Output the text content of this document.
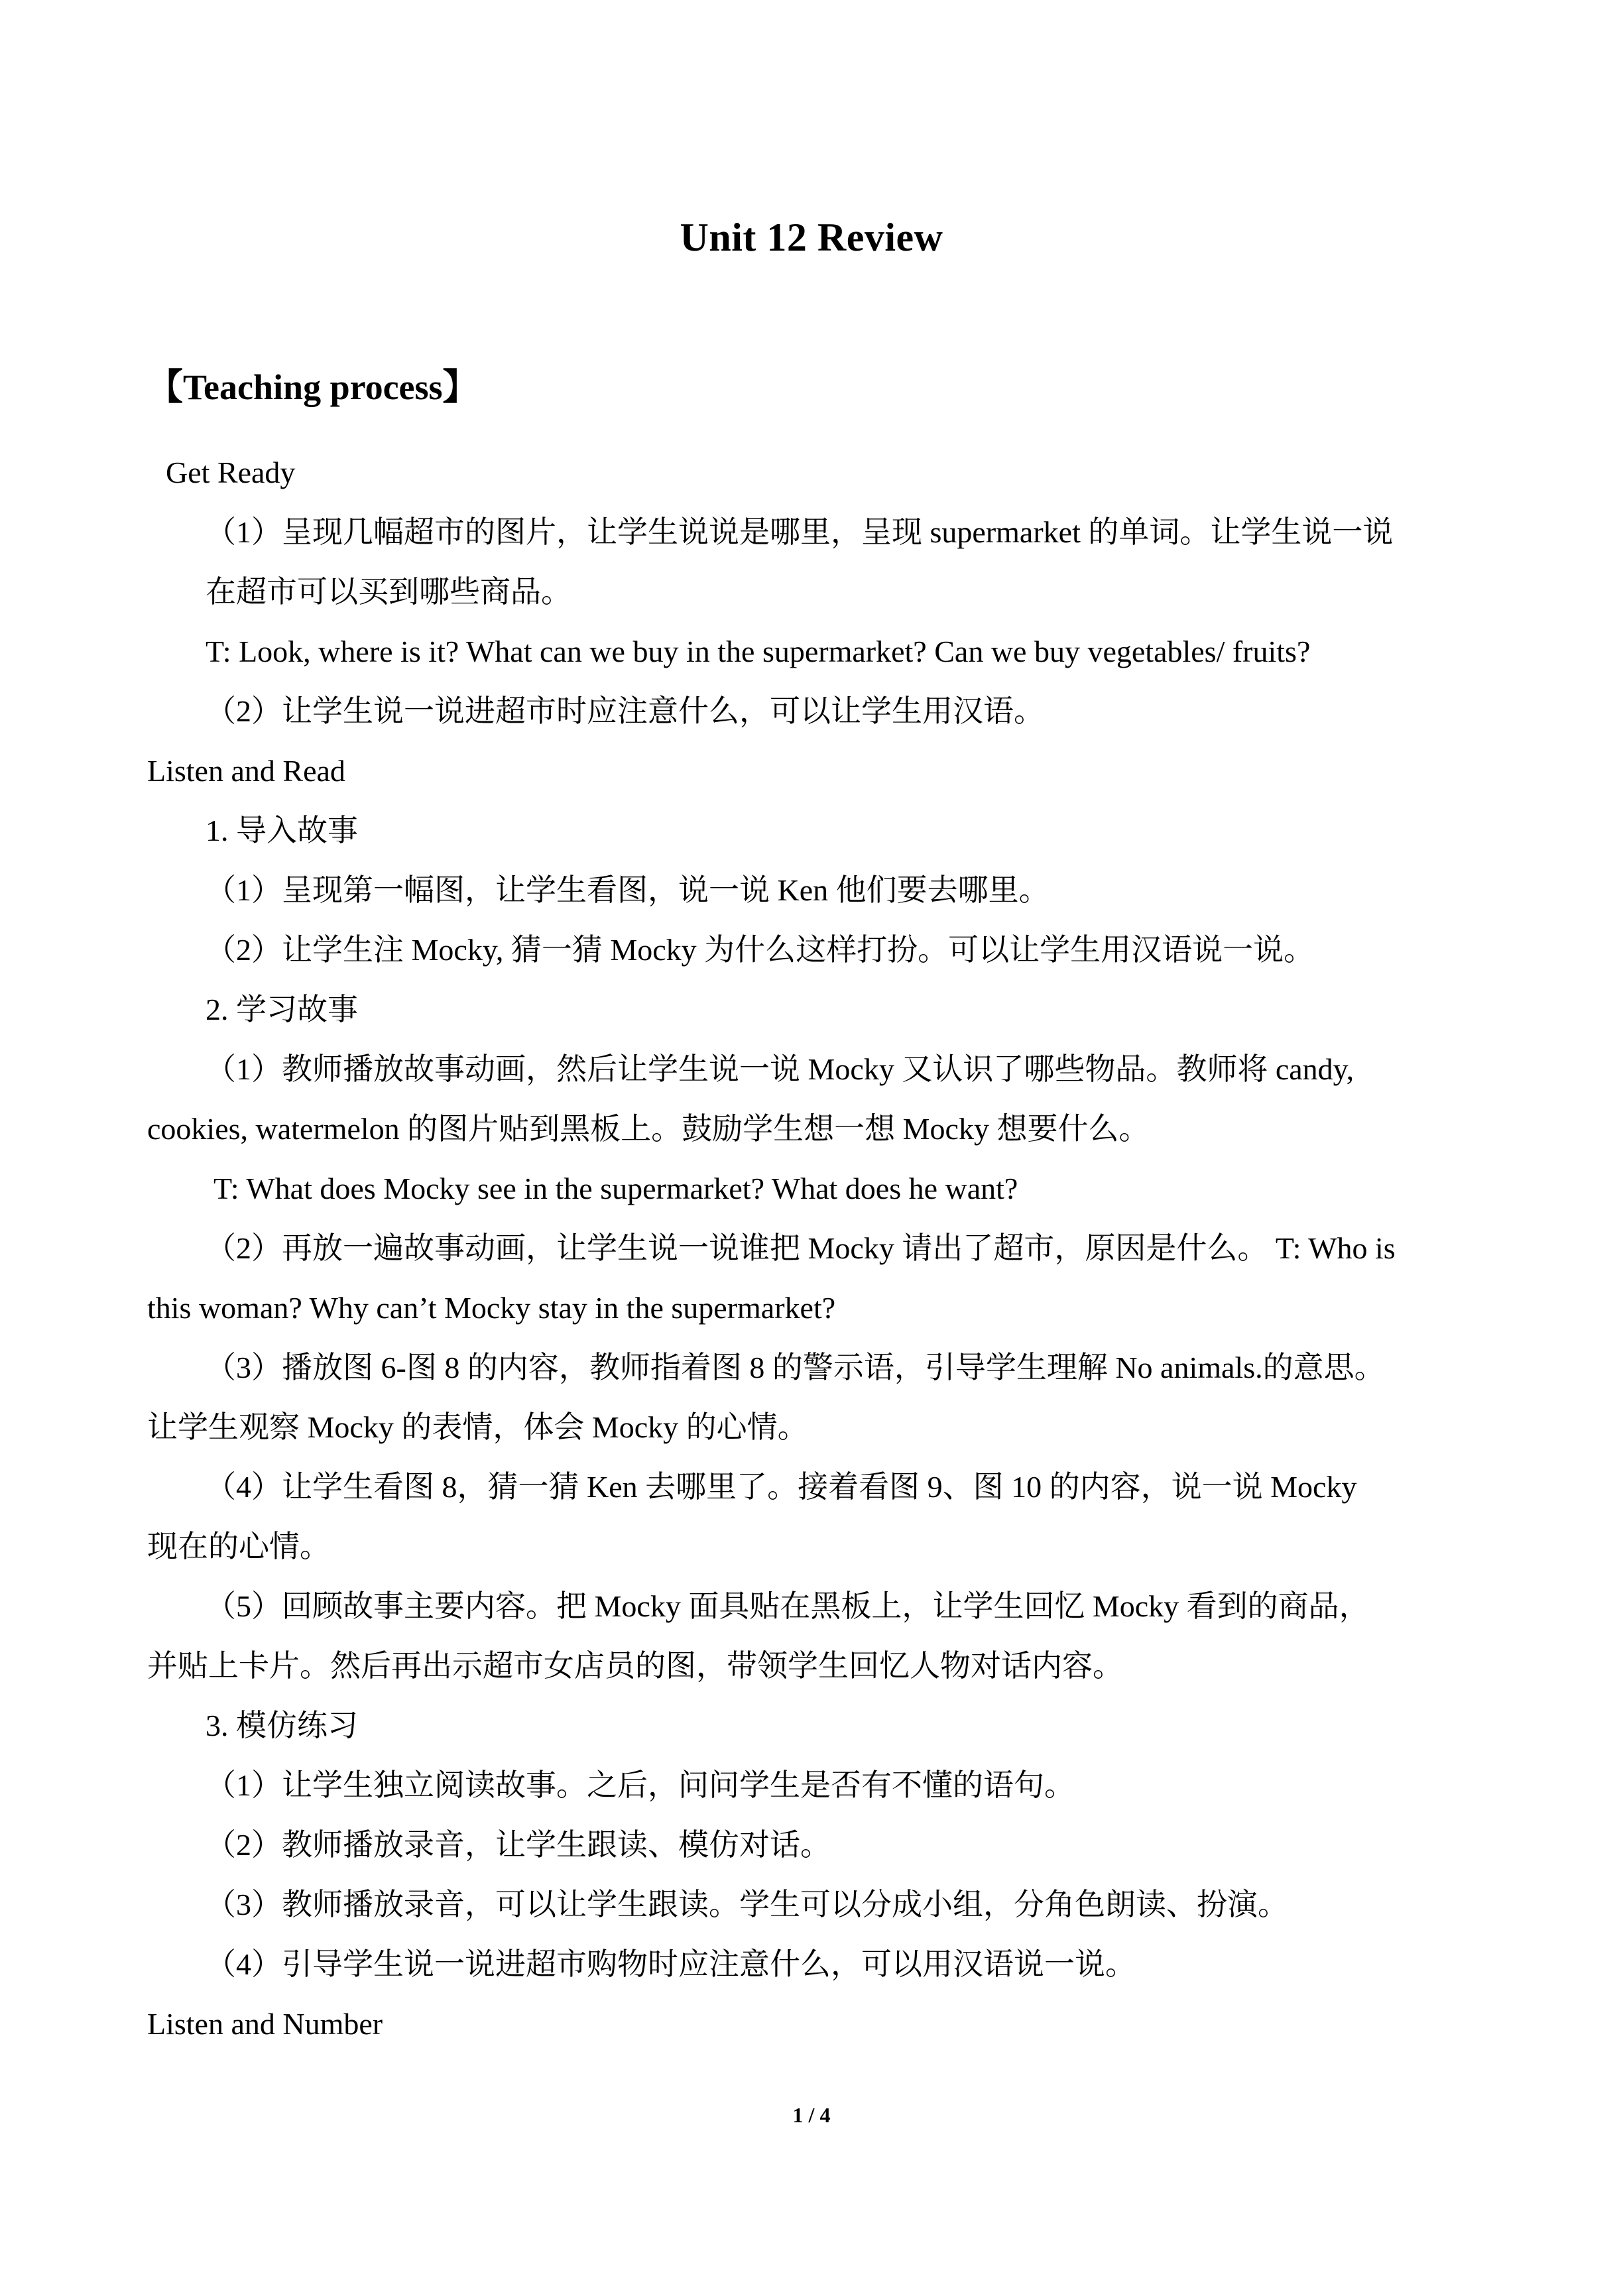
Unit 12 Review
【Teaching process】
Get Ready
（1）呈现几幅超市的图片，让学生说说是哪里，呈现 supermarket 的单词。让学生说一说
在超市可以买到哪些商品。
T: Look, where is it? What can we buy in the supermarket? Can we buy vegetables/ fruits?
（2）让学生说一说进超市时应注意什么，可以让学生用汉语。
Listen and Read
1. 导入故事
（1）呈现第一幅图，让学生看图，说一说 Ken 他们要去哪里。
（2）让学生注 Mocky, 猜一猜 Mocky 为什么这样打扮。可以让学生用汉语说一说。
2. 学习故事
（1）教师播放故事动画，然后让学生说一说 Mocky 又认识了哪些物品。教师将 candy,
cookies, watermelon 的图片贴到黑板上。鼓励学生想一想 Mocky 想要什么。
T: What does Mocky see in the supermarket? What does he want?
（2）再放一遍故事动画，让学生说一说谁把 Mocky 请出了超市，原因是什么。 T: Who is
this woman? Why can’t Mocky stay in the supermarket?
（3）播放图 6-图 8 的内容，教师指着图 8 的警示语，引导学生理解 No animals.的意思。
让学生观察 Mocky 的表情，体会 Mocky 的心情。
（4）让学生看图 8，猜一猜 Ken 去哪里了。接着看图 9、图 10 的内容，说一说 Mocky
现在的心情。
（5）回顾故事主要内容。把 Mocky 面具贴在黑板上，让学生回忆 Mocky 看到的商品，
并贴上卡片。然后再出示超市女店员的图，带领学生回忆人物对话内容。
3. 模仿练习
（1）让学生独立阅读故事。之后，问问学生是否有不懂的语句。
（2）教师播放录音，让学生跟读、模仿对话。
（3）教师播放录音，可以让学生跟读。学生可以分成小组，分角色朗读、扮演。
（4）引导学生说一说进超市购物时应注意什么，可以用汉语说一说。
Listen and Number
1 / 4
